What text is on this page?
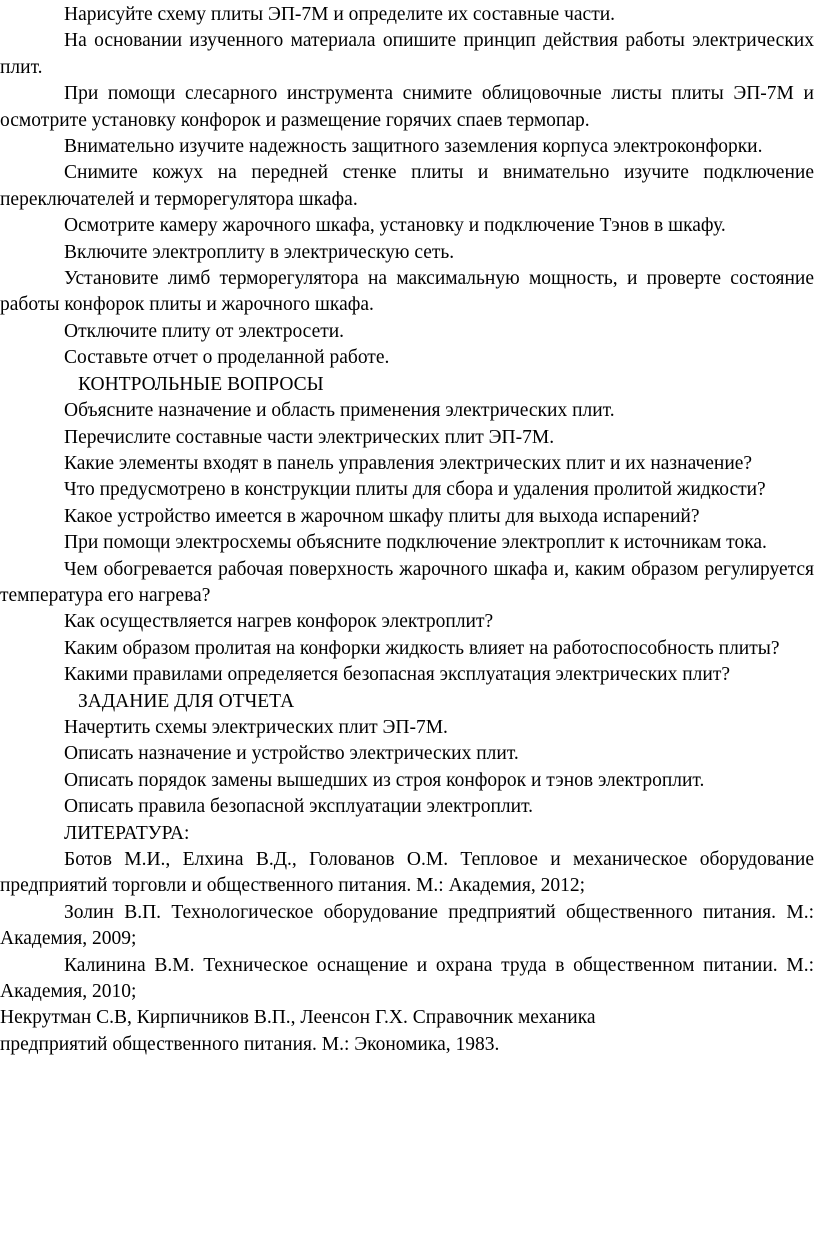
Нарисуйте схему плиты ЭП-7М и определите их составные части.

На основании изученного материала опишите принцип действия работы электрических плит.

При помощи слесарного инструмента снимите облицовочные листы плиты ЭП-7М и осмотрите установку конфорок и размещение горячих спаев термопар.

Внимательно изучите надежность защитного заземления корпуса электроконфорки.

Снимите кожух на передней стенке плиты и внимательно изучите подключение переключателей и терморегулятора шкафа.

Осмотрите камеру жарочного шкафа, установку и подключение Тэнов в шкафу.

Включите электроплиту в электрическую сеть.

Установите лимб терморегулятора на максимальную мощность, и проверте состояние работы конфорок плиты и жарочного шкафа.

Отключите плиту от электросети.

Составьте отчет о проделанной работе.

КОНТРОЛЬНЫЕ ВОПРОСЫ

Объясните назначение и область применения электрических плит.

Перечислите составные части электрических плит ЭП-7М.

Какие элементы входят в панель управления электрических плит и их назначение?

Что предусмотрено в конструкции плиты для сбора и удаления пролитой жидкости?

Какое устройство имеется в жарочном шкафу плиты для выхода испарений?

При помощи электросхемы объясните подключение электроплит к источникам тока.

Чем обогревается рабочая поверхность жарочного шкафа и, каким образом регулируется температура его нагрева?

Как осуществляется нагрев конфорок электроплит?

Каким образом пролитая на конфорки жидкость влияет на работоспособность плиты?

Какими правилами определяется безопасная эксплуатация электрических плит?

ЗАДАНИЕ ДЛЯ ОТЧЕТА

Начертить схемы электрических плит ЭП-7М.

Описать назначение и устройство электрических плит.

Описать порядок замены вышедших из строя конфорок и тэнов электроплит.

Описать правила безопасной эксплуатации электроплит.

ЛИТЕРАТУРА:

Ботов М.И., Елхина В.Д., Голованов О.М. Тепловое и механическое оборудование предприятий торговли и общественного питания. М.: Академия, 2012;

Золин В.П. Технологическое оборудование предприятий общественного питания. М.: Академия, 2009;

Калинина В.М. Техническое оснащение и охрана труда в общественном питании. М.: Академия, 2010;

Некрутман С.В, Кирпичников В.П., Леенсон Г.Х. Справочник механика

предприятий общественного питания. М.: Экономика, 1983.
